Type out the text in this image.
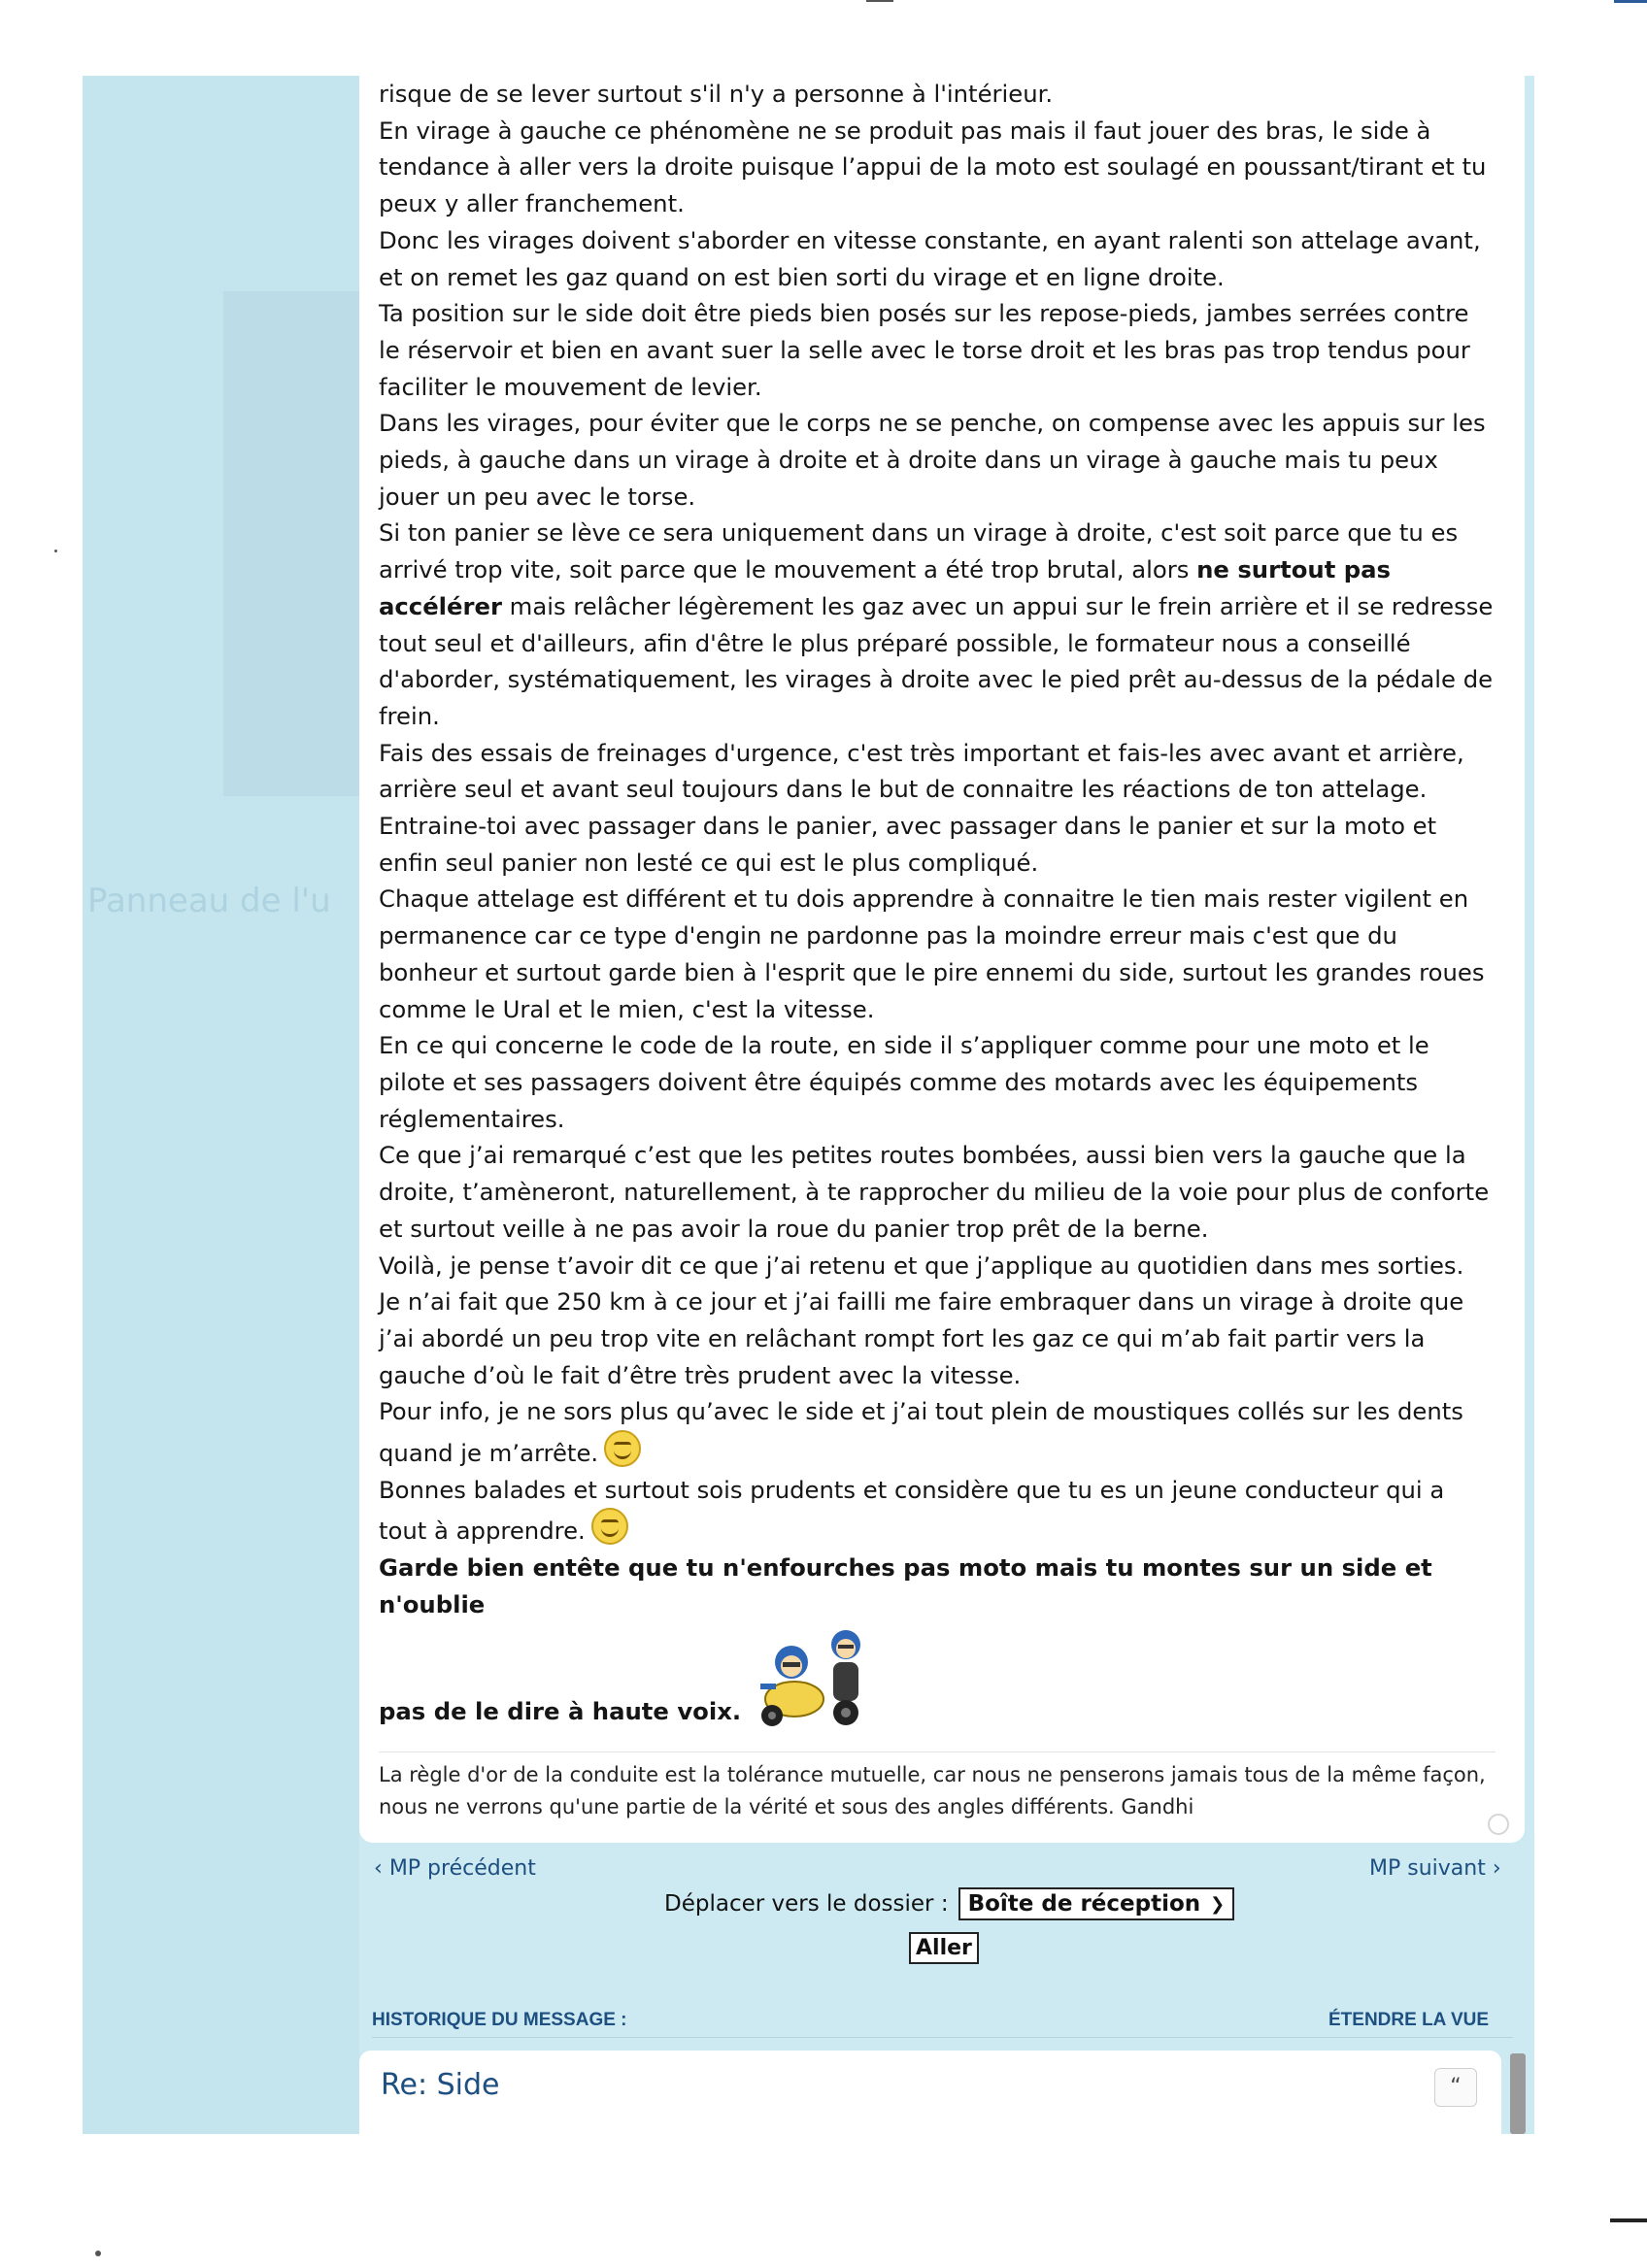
Panneau de l'u

risque de se lever surtout s'il n'y a personne à l'intérieur.

En virage à gauche ce phénomène ne se produit pas mais il faut jouer des bras, le side à tendance à aller vers la droite puisque l’appui de la moto est soulagé en poussant/tirant et tu peux y aller franchement.

Donc les virages doivent s'aborder en vitesse constante, en ayant ralenti son attelage avant, et on remet les gaz quand on est bien sorti du virage et en ligne droite.

Ta position sur le side doit être pieds bien posés sur les repose-pieds, jambes serrées contre le réservoir et bien en avant suer la selle avec le torse droit et les bras pas trop tendus pour faciliter le mouvement de levier.

Dans les virages, pour éviter que le corps ne se penche, on compense avec les appuis sur les pieds, à gauche dans un virage à droite et à droite dans un virage à gauche mais tu peux jouer un peu avec le torse.

Si ton panier se lève ce sera uniquement dans un virage à droite, c'est soit parce que tu es arrivé trop vite, soit parce que le mouvement a été trop brutal, alors ne surtout pas accélérer mais relâcher légèrement les gaz avec un appui sur le frein arrière et il se redresse tout seul et d'ailleurs, afin d'être le plus préparé possible, le formateur nous a conseillé d'aborder, systématiquement, les virages à droite avec le pied prêt au-dessus de la pédale de frein.

Fais des essais de freinages d'urgence, c'est très important et fais-les avec avant et arrière, arrière seul et avant seul toujours dans le but de connaitre les réactions de ton attelage.

Entraine-toi avec passager dans le panier, avec passager dans le panier et sur la moto et enfin seul panier non lesté ce qui est le plus compliqué.

Chaque attelage est différent et tu dois apprendre à connaitre le tien mais rester vigilent en permanence car ce type d'engin ne pardonne pas la moindre erreur mais c'est que du bonheur et surtout garde bien à l'esprit que le pire ennemi du side, surtout les grandes roues comme le Ural et le mien, c'est la vitesse.

En ce qui concerne le code de la route, en side il s’appliquer comme pour une moto et le pilote et ses passagers doivent être équipés comme des motards avec les équipements réglementaires.

Ce que j’ai remarqué c’est que les petites routes bombées, aussi bien vers la gauche que la droite, t’amèneront, naturellement, à te rapprocher du milieu de la voie pour plus de conforte et surtout veille à ne pas avoir la roue du panier trop prêt de la berne.

Voilà, je pense t’avoir dit ce que j’ai retenu et que j’applique au quotidien dans mes sorties.

Je n’ai fait que 250 km à ce jour et j’ai failli me faire embraquer dans un virage à droite que j’ai abordé un peu trop vite en relâchant rompt fort les gaz ce qui m’ab fait partir vers la gauche d’où le fait d’être très prudent avec la vitesse.

Pour info, je ne sors plus qu’avec le side et j’ai tout plein de moustiques collés sur les dents quand je m’arrête.

Bonnes balades et surtout sois prudents et considère que tu es un jeune conducteur qui a tout à apprendre.

Garde bien entête que tu n'enfourches pas moto mais tu montes sur un side et n'oublie

pas de le dire à haute voix.

La règle d'or de la conduite est la tolérance mutuelle, car nous ne penserons jamais tous de la même façon, nous ne verrons qu'une partie de la vérité et sous des angles différents. Gandhi
‹ MP précédent	MP suivant ›
Déplacer vers le dossier : Boîte de réception ❯
Aller
HISTORIQUE DU MESSAGE :	ÉTENDRE LA VUE
Re: Side	“
